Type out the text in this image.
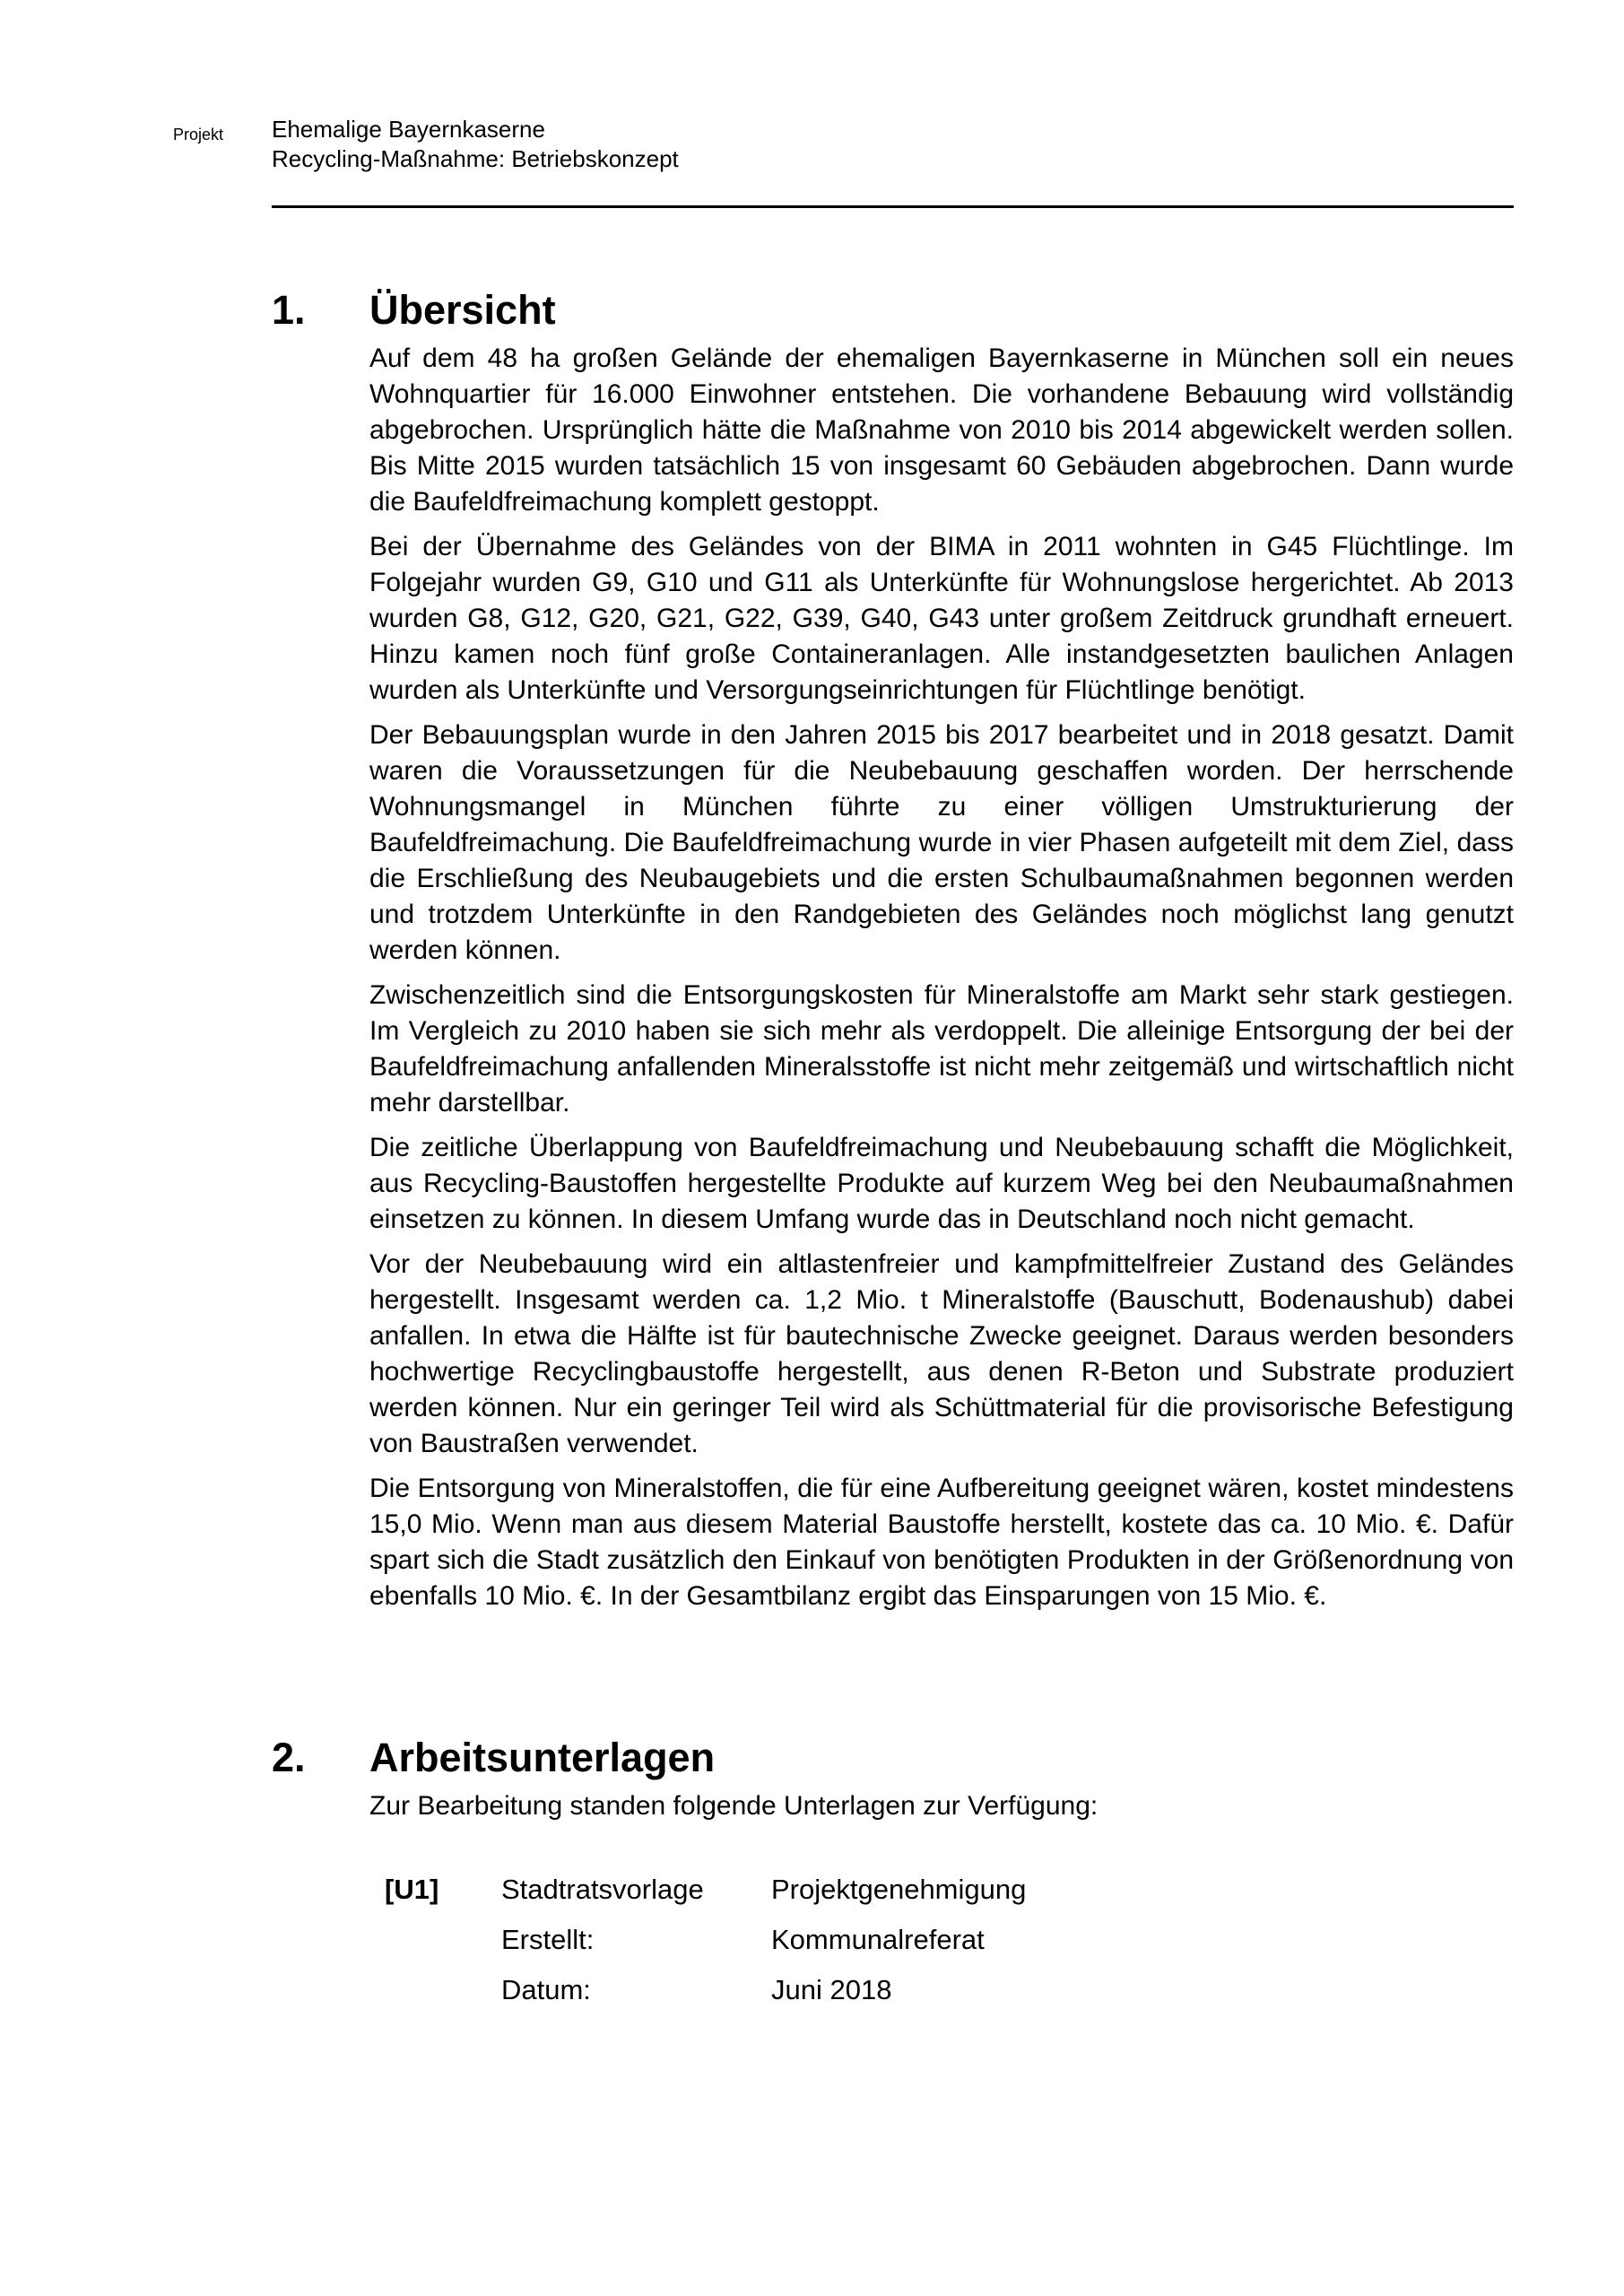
Projekt Ehemalige Bayernkaserne
Recycling-Maßnahme: Betriebskonzept
1. Übersicht

Auf dem 48 ha großen Gelände der ehemaligen Bayernkaserne in München soll ein neues Wohnquartier für 16.000 Einwohner entstehen. Die vorhandene Bebauung wird vollständig abgebrochen. Ursprünglich hätte die Maßnahme von 2010 bis 2014 abgewickelt werden sollen. Bis Mitte 2015 wurden tatsächlich 15 von insgesamt 60 Gebäuden abgebrochen. Dann wurde die Baufeldfreimachung komplett gestoppt.

Bei der Übernahme des Geländes von der BIMA in 2011 wohnten in G45 Flüchtlinge. Im Folgejahr wurden G9, G10 und G11 als Unterkünfte für Wohnungslose hergerichtet. Ab 2013 wurden G8, G12, G20, G21, G22, G39, G40, G43 unter großem Zeitdruck grundhaft erneuert. Hinzu kamen noch fünf große Containeranlagen. Alle instandgesetzten baulichen Anlagen wurden als Unterkünfte und Versorgungseinrichtungen für Flüchtlinge benötigt.

Der Bebauungsplan wurde in den Jahren 2015 bis 2017 bearbeitet und in 2018 gesatzt. Damit waren die Voraussetzungen für die Neubebauung geschaffen worden. Der herrschende Wohnungsmangel in München führte zu einer völligen Umstrukturierung der Baufeldfreimachung. Die Baufeldfreimachung wurde in vier Phasen aufgeteilt mit dem Ziel, dass die Erschließung des Neubaugebiets und die ersten Schulbaumaßnahmen begonnen werden und trotzdem Unterkünfte in den Randgebieten des Geländes noch möglichst lang genutzt werden können.

Zwischenzeitlich sind die Entsorgungskosten für Mineralstoffe am Markt sehr stark gestiegen. Im Vergleich zu 2010 haben sie sich mehr als verdoppelt. Die alleinige Entsorgung der bei der Baufeldfreimachung anfallenden Mineralsstoffe ist nicht mehr zeitgemäß und wirtschaftlich nicht mehr darstellbar.

Die zeitliche Überlappung von Baufeldfreimachung und Neubebauung schafft die Möglichkeit, aus Recycling-Baustoffen hergestellte Produkte auf kurzem Weg bei den Neubaumaßnahmen einsetzen zu können. In diesem Umfang wurde das in Deutschland noch nicht gemacht.

Vor der Neubebauung wird ein altlastenfreier und kampfmittelfreier Zustand des Geländes hergestellt. Insgesamt werden ca. 1,2 Mio. t Mineralstoffe (Bauschutt, Bodenaushub) dabei anfallen. In etwa die Hälfte ist für bautechnische Zwecke geeignet. Daraus werden besonders hochwertige Recyclingbaustoffe hergestellt, aus denen R-Beton und Substrate produziert werden können. Nur ein geringer Teil wird als Schüttmaterial für die provisorische Befestigung von Baustraßen verwendet.

Die Entsorgung von Mineralstoffen, die für eine Aufbereitung geeignet wären, kostet mindestens 15,0 Mio. Wenn man aus diesem Material Baustoffe herstellt, kostete das ca. 10 Mio. €. Dafür spart sich die Stadt zusätzlich den Einkauf von benötigten Produkten in der Größenordnung von ebenfalls 10 Mio. €. In der Gesamtbilanz ergibt das Einsparungen von 15 Mio. €.

2. Arbeitsunterlagen

Zur Bearbeitung standen folgende Unterlagen zur Verfügung:

[U1] Stadtratsvorlage Projektgenehmigung
Erstellt:	Kommunalreferat
Datum:	Juni 2018
